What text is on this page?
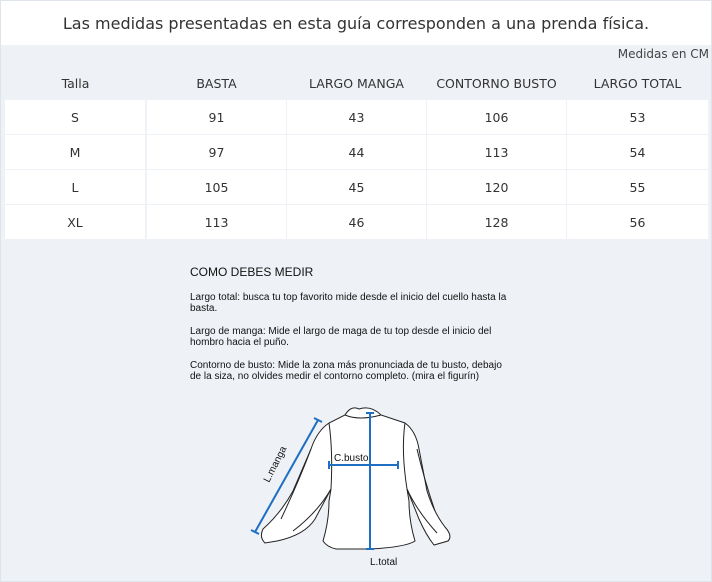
Las medidas presentadas en esta guía corresponden a una prenda física.
Medidas en CM
Talla	BASTA	LARGO MANGA	CONTORNO BUSTO	LARGO TOTAL
S	91	43	106	53
M	97	44	113	54
L	105	45	120	55
XL	113	46	128	56
COMO DEBES MEDIR
Largo total: busca tu top favorito mide desde el inicio del cuello hasta la
basta.
Largo de manga: Mide el largo de maga de tu top desde el inicio del
hombro hacia el puño.
Contorno de busto: Mide la zona más pronunciada de tu busto, debajo
de la siza, no olvides medir el contorno completo. (mira el figurín)
L.manga	C.busto
L.total
